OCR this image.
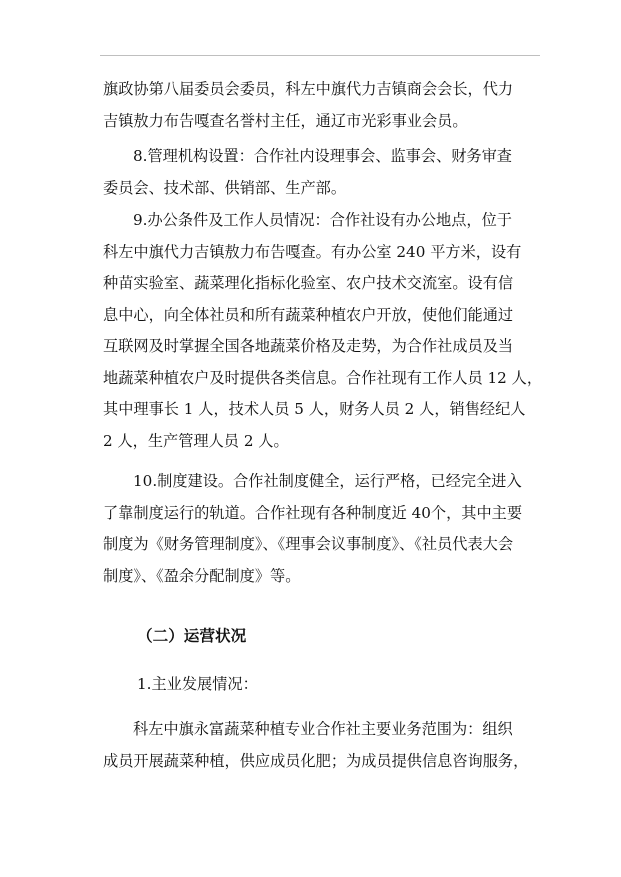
旗政协第八届委员会委员，科左中旗代力吉镇商会会长，代力
吉镇敖力布告嘎查名誉村主任，通辽市光彩事业会员。
8.管理机构设置：合作社内设理事会、监事会、财务审查
委员会、技术部、供销部、生产部。
9.办公条件及工作人员情况：合作社设有办公地点，位于
科左中旗代力吉镇敖力布告嘎查。有办公室 240 平方米，设有
种苗实验室、蔬菜理化指标化验室、农户技术交流室。设有信
息中心，向全体社员和所有蔬菜种植农户开放，使他们能通过
互联网及时掌握全国各地蔬菜价格及走势，为合作社成员及当
地蔬菜种植农户及时提供各类信息。合作社现有工作人员 12 人，
其中理事长 1 人，技术人员 5 人，财务人员 2 人，销售经纪人
2 人，生产管理人员 2 人。
10.制度建设。合作社制度健全，运行严格，已经完全进入
了靠制度运行的轨道。合作社现有各种制度近 40个，其中主要
制度为《财务管理制度》、《理事会议事制度》、《社员代表大会
制度》、《盈余分配制度》等。
（二）运营状况
1.主业发展情况：
科左中旗永富蔬菜种植专业合作社主要业务范围为：组织
成员开展蔬菜种植，供应成员化肥；为成员提供信息咨询服务，
